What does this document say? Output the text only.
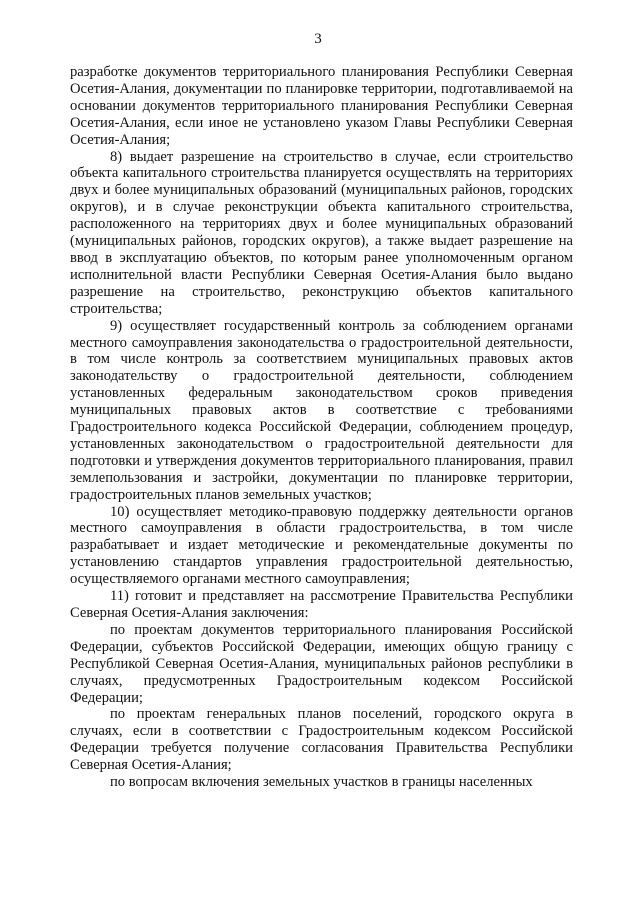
3

разработке документов территориального планирования Республики Северная Осетия-Алания, документации по планировке территории, подготавливаемой на основании документов территориального планирования Республики Северная Осетия-Алания, если иное не установлено указом Главы Республики Северная Осетия-Алания;

8) выдает разрешение на строительство в случае, если строительство объекта капитального строительства планируется осуществлять на территориях двух и более муниципальных образований (муниципальных районов, городских округов), и в случае реконструкции объекта капитального строительства, расположенного на территориях двух и более муниципальных образований (муниципальных районов, городских округов), а также выдает разрешение на ввод в эксплуатацию объектов, по которым ранее уполномоченным органом исполнительной власти Республики Северная Осетия-Алания было выдано разрешение на строительство, реконструкцию объектов капитального строительства;

9) осуществляет государственный контроль за соблюдением органами местного самоуправления законодательства о градостроительной деятельности, в том числе контроль за соответствием муниципальных правовых актов законодательству о градостроительной деятельности, соблюдением установленных федеральным законодательством сроков приведения муниципальных правовых актов в соответствие с требованиями Градостроительного кодекса Российской Федерации, соблюдением процедур, установленных законодательством о градостроительной деятельности для подготовки и утверждения документов территориального планирования, правил землепользования и застройки, документации по планировке территории, градостроительных планов земельных участков;

10) осуществляет методико-правовую поддержку деятельности органов местного самоуправления в области градостроительства, в том числе разрабатывает и издает методические и рекомендательные документы по установлению стандартов управления градостроительной деятельностью, осуществляемого органами местного самоуправления;

11) готовит и представляет на рассмотрение Правительства Республики Северная Осетия-Алания заключения:

по проектам документов территориального планирования Российской Федерации, субъектов Российской Федерации, имеющих общую границу с Республикой Северная Осетия-Алания, муниципальных районов республики в случаях, предусмотренных Градостроительным кодексом Российской Федерации;

по проектам генеральных планов поселений, городского округа в случаях, если в соответствии с Градостроительным кодексом Российской Федерации требуется получение согласования Правительства Республики Северная Осетия-Алания;

по вопросам включения земельных участков в границы населенных
